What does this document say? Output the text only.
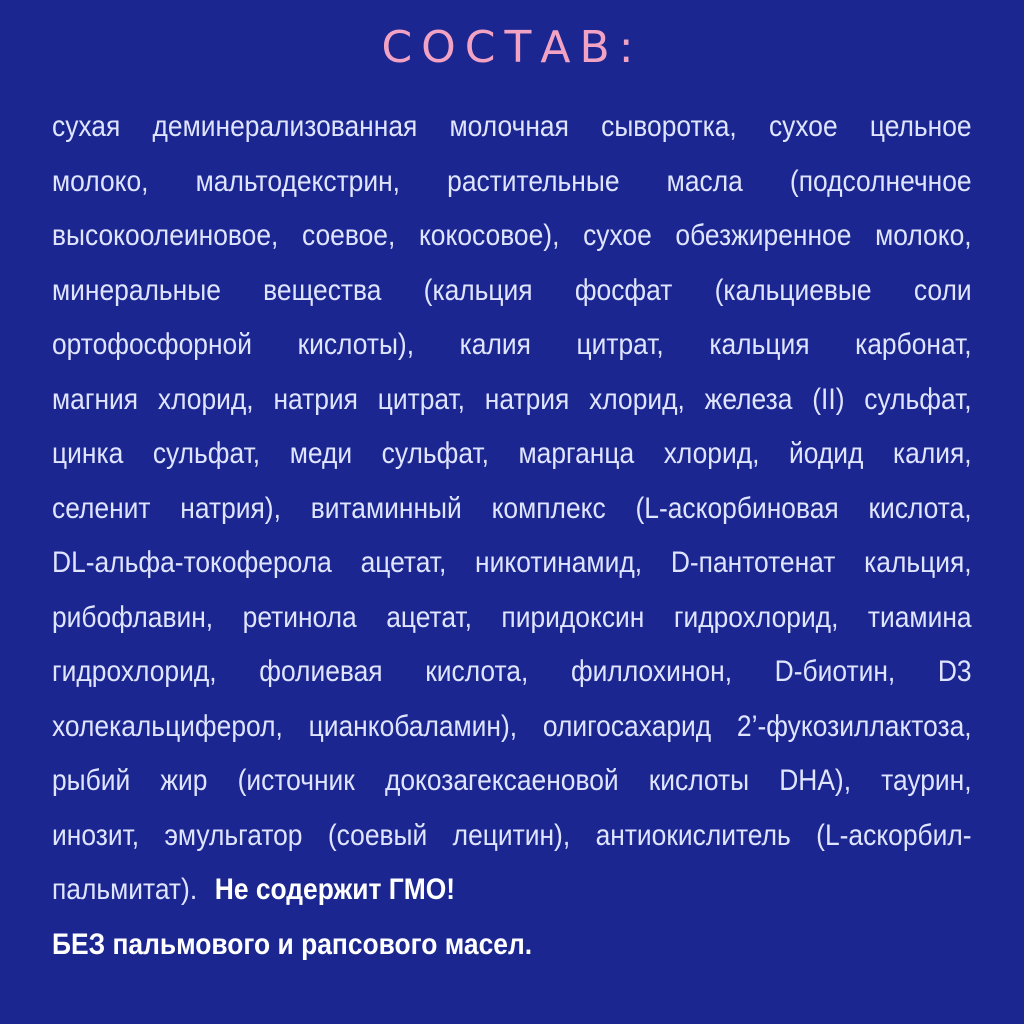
СОСТАВ:
сухая деминерализованная молочная сыворотка, сухое цельное
молоко, мальтодекстрин, растительные масла (подсолнечное
высокоолеиновое, соевое, кокосовое), сухое обезжиренное молоко,
минеральные вещества (кальция фосфат (кальциевые соли
ортофосфорной кислоты), калия цитрат, кальция карбонат,
магния хлорид, натрия цитрат, натрия хлорид, железа (II) сульфат,
цинка сульфат, меди сульфат, марганца хлорид, йодид калия,
селенит натрия), витаминный комплекс (L-аскорбиновая кислота,
DL-альфа-токоферола ацетат, никотинамид, D-пантотенат кальция,
рибофлавин, ретинола ацетат, пиридоксин гидрохлорид, тиамина
гидрохлорид, фолиевая кислота, филлохинон, D-биотин, D3
холекальциферол, цианкобаламин), олигосахарид 2’-фукозиллактоза,
рыбий жир (источник докозагексаеновой кислоты DHA), таурин,
инозит, эмульгатор (соевый лецитин), антиокислитель (L-аскорбил-
пальмитат). Не содержит ГМО!
БЕЗ пальмового и рапсового масел.
